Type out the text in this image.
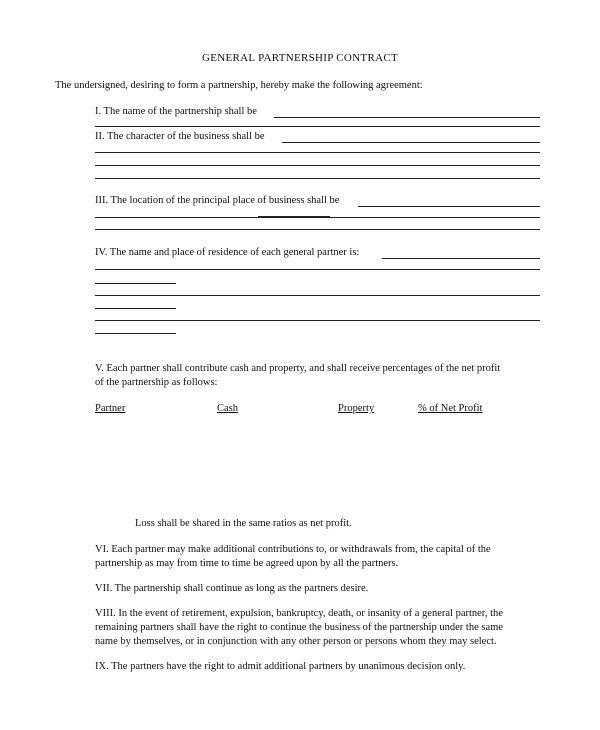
GENERAL PARTNERSHIP CONTRACT
The undersigned, desiring to form a partnership, hereby make the following agreement:
I. The name of the partnership shall be
II. The character of the business shall be
III. The location of the principal place of business shall be
IV. The name and place of residence of each general partner is:
V. Each partner shall contribute cash and property, and shall receive percentages of the net profit
of the partnership as follows:
Partner	Cash	Property	% of Net Profit
Loss shall be shared in the same ratios as net profit.
VI. Each partner may make additional contributions to, or withdrawals from, the capital of the
partnership as may from time to time be agreed upon by all the partners.
VII. The partnership shall continue as long as the partners desire.
VIII. In the event of retirement, expulsion, bankruptcy, death, or insanity of a general partner, the
remaining partners shall have the right to continue the business of the partnership under the same
name by themselves, or in conjunction with any other person or persons whom they may select.
IX. The partners have the right to admit additional partners by unanimous decision only.
